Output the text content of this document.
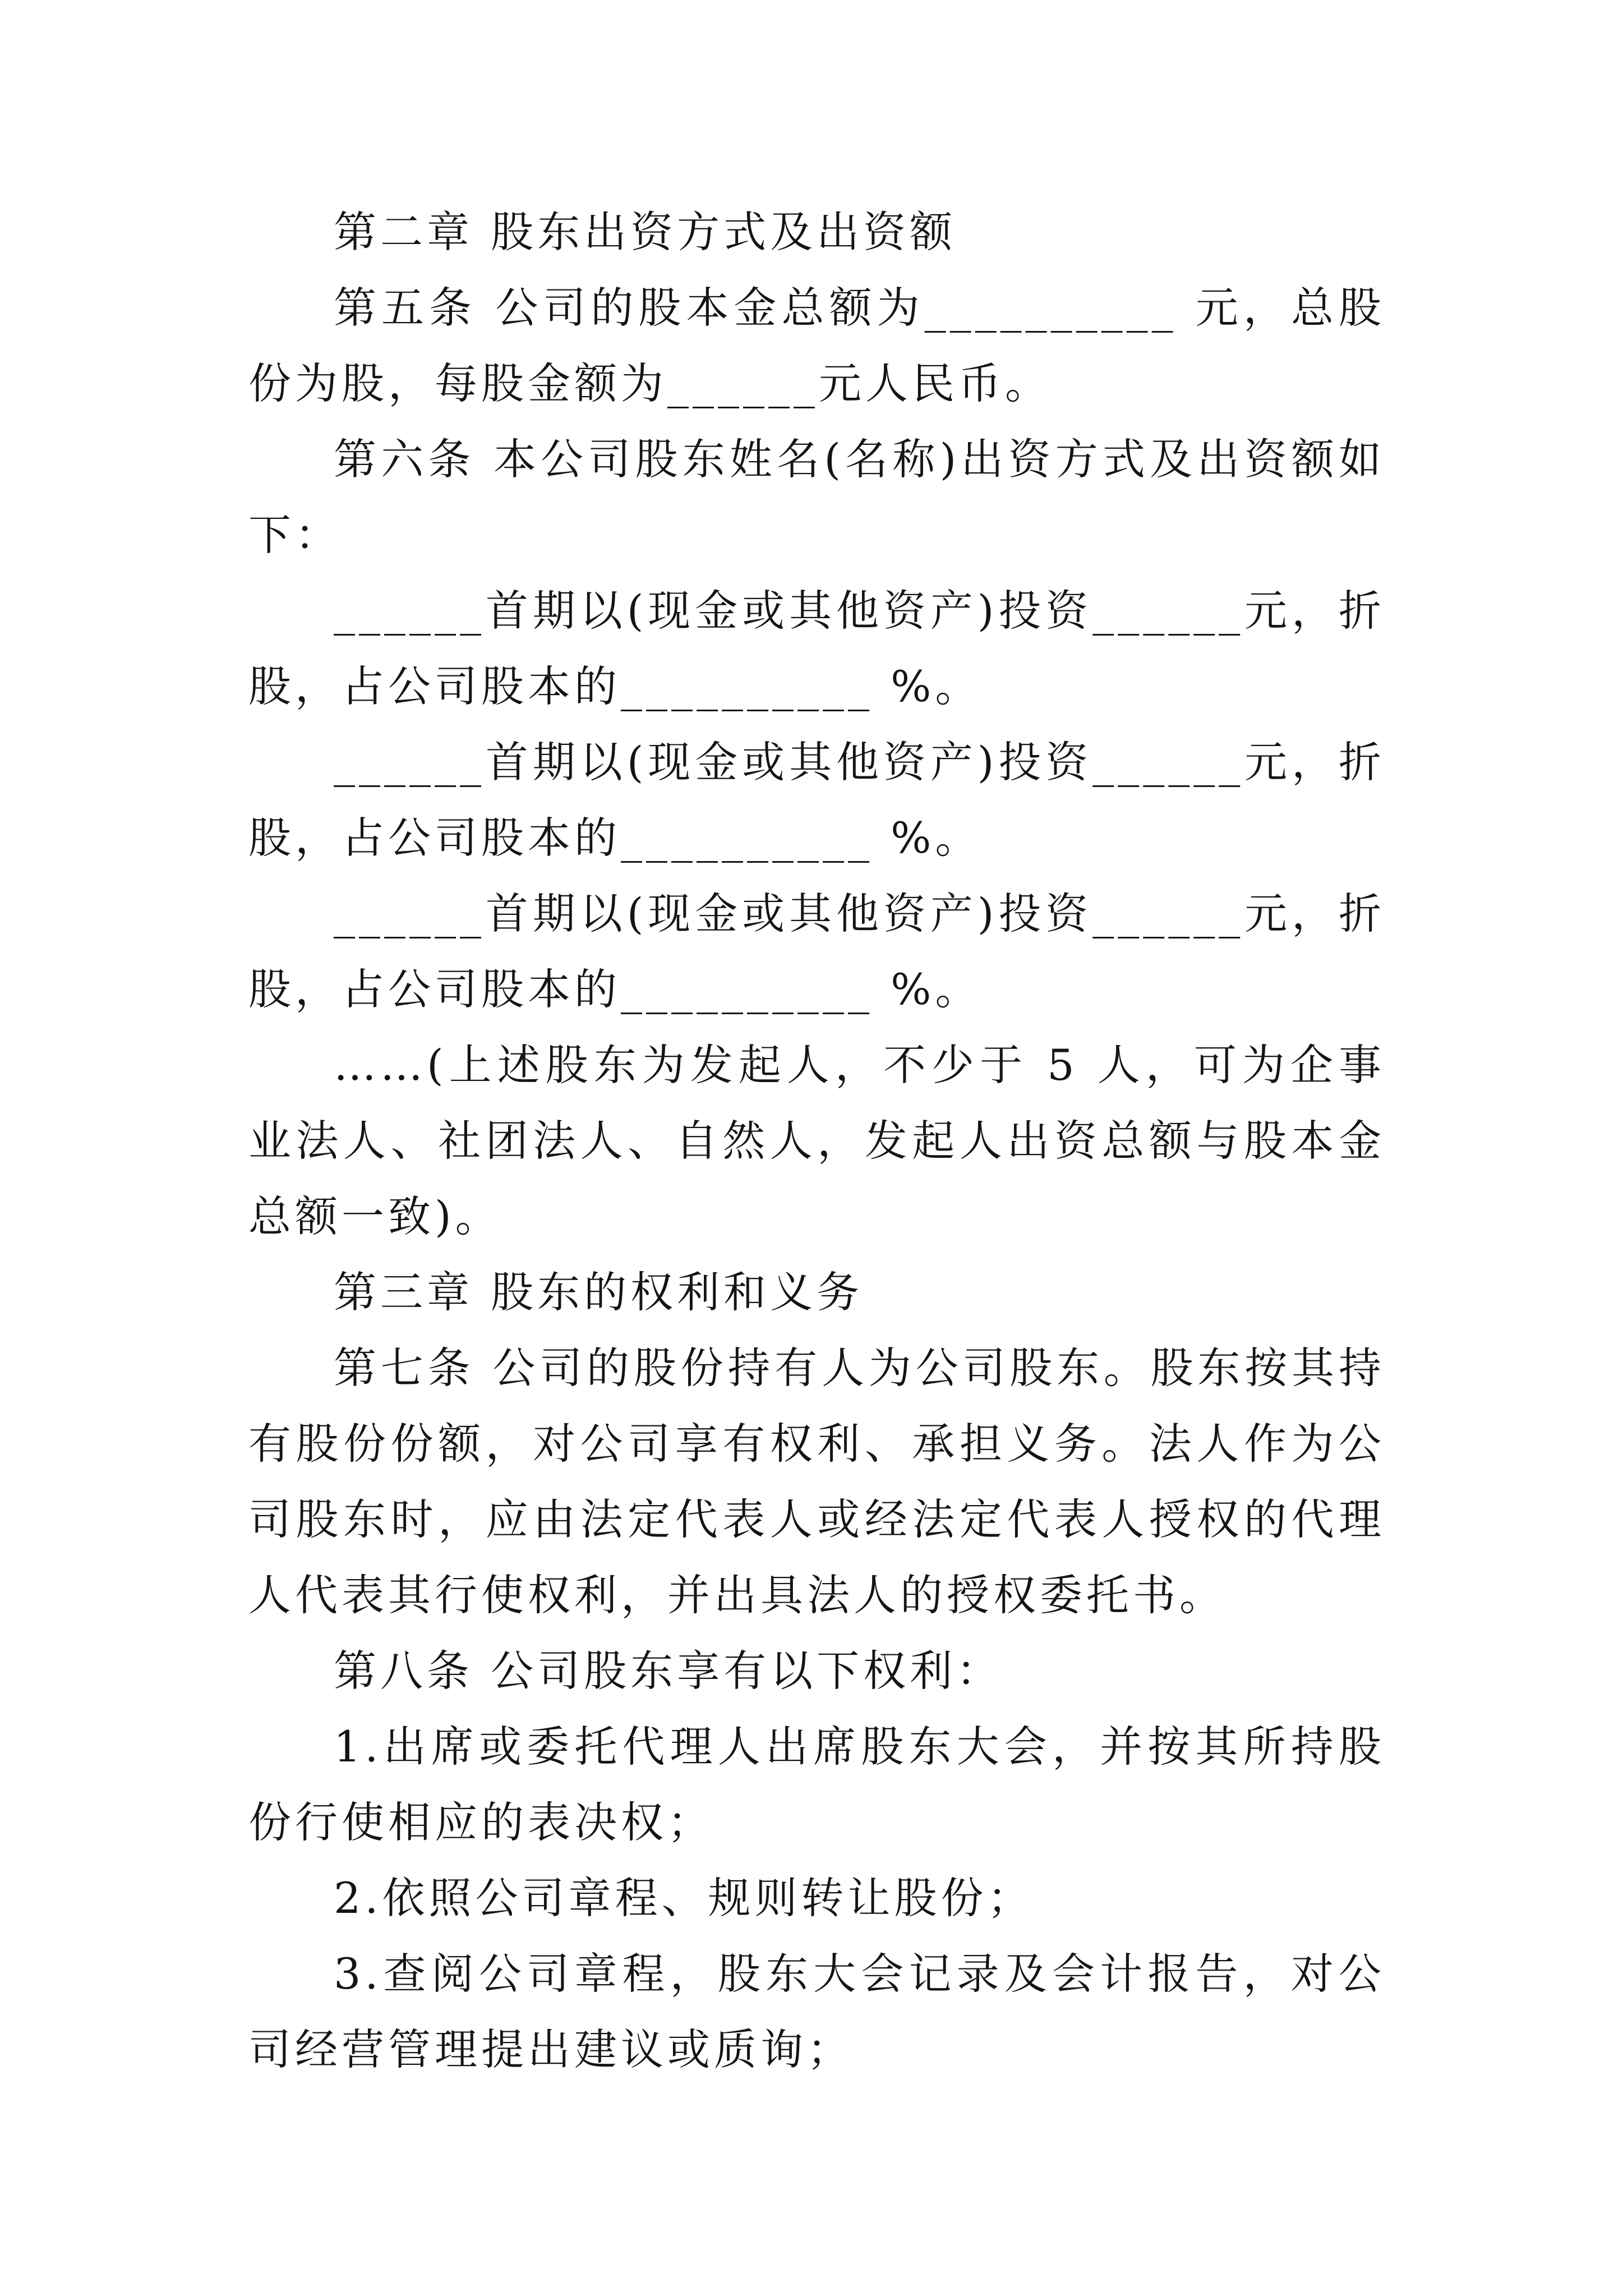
第二章 股东出资方式及出资额

第五条 公司的股本金总额为__________ 元，总股份为股，每股金额为______元人民币。

第六条 本公司股东姓名(名称)出资方式及出资额如下：

______首期以(现金或其他资产)投资______元，折 股，占公司股本的__________ %。

______首期以(现金或其他资产)投资______元，折 股，占公司股本的__________ %。

______首期以(现金或其他资产)投资______元，折 股，占公司股本的__________ %。

……(上述股东为发起人，不少于 5 人，可为企事业法人、社团法人、自然人，发起人出资总额与股本金总额一致)。

第三章 股东的权利和义务

第七条 公司的股份持有人为公司股东。股东按其持有股份份额，对公司享有权利、承担义务。法人作为公司股东时，应由法定代表人或经法定代表人授权的代理人代表其行使权利，并出具法人的授权委托书。

第八条 公司股东享有以下权利：

1.出席或委托代理人出席股东大会，并按其所持股份行使相应的表决权；

2.依照公司章程、规则转让股份；

3.查阅公司章程，股东大会记录及会计报告，对公司经营管理提出建议或质询；
